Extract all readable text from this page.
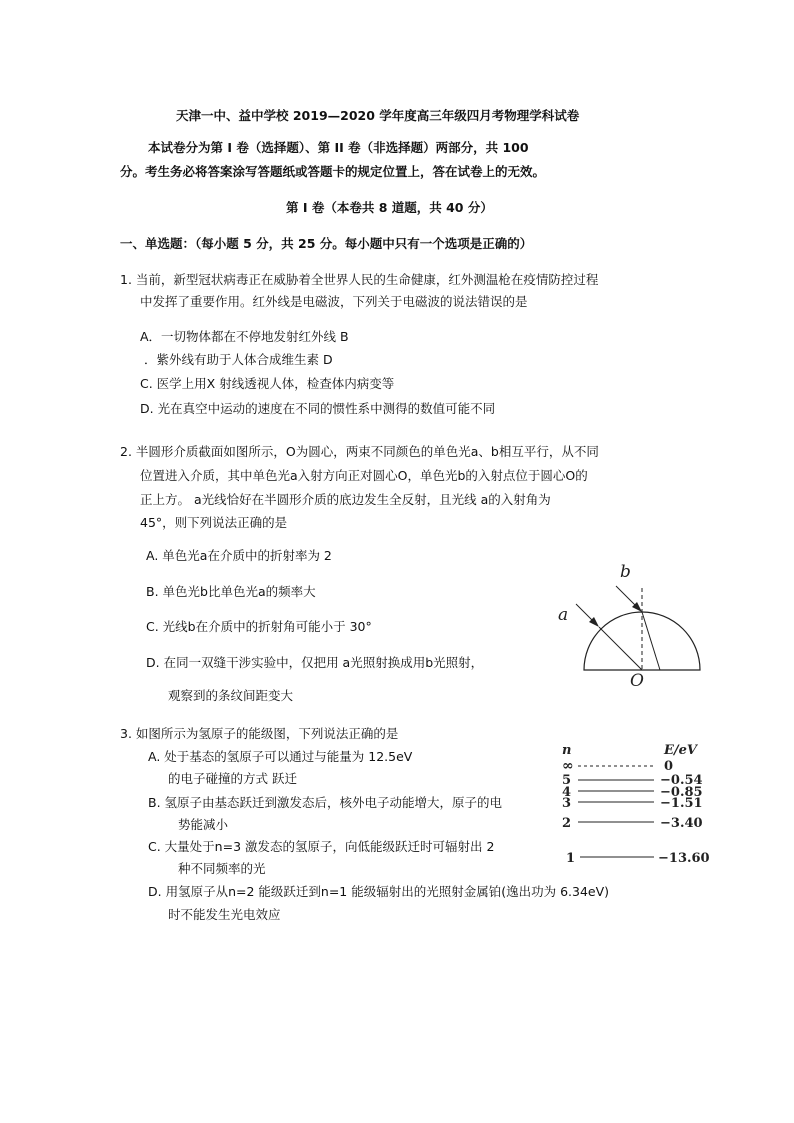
天津一中、益中学校 2019—2020 学年度高三年级四月考物理学科试卷
本试卷分为第 I 卷（选择题）、第 II 卷（非选择题）两部分，共 100
分。考生务必将答案涂写答题纸或答题卡的规定位置上，答在试卷上的无效。
第 I 卷（本卷共 8 道题，共 40 分）
一、单选题：（每小题 5 分，共 25 分。每小题中只有一个选项是正确的）
1. 当前，新型冠状病毒正在威胁着全世界人民的生命健康，红外测温枪在疫情防控过程
中发挥了重要作用。红外线是电磁波，下列关于电磁波的说法错误的是
A．一切物体都在不停地发射红外线 B
．紫外线有助于人体合成维生素 D
C. 医学上用X 射线透视人体，检查体内病变等
D. 光在真空中运动的速度在不同的惯性系中测得的数值可能不同
2. 半圆形介质截面如图所示，O为圆心，两束不同颜色的单色光a、b相互平行，从不同
位置进入介质，其中单色光a入射方向正对圆心O，单色光b的入射点位于圆心O的
正上方。 a光线恰好在半圆形介质的底边发生全反射，且光线 a的入射角为
45°，则下列说法正确的是
A. 单色光a在介质中的折射率为 2
B. 单色光b比单色光a的频率大
C. 光线b在介质中的折射角可能小于 30°
D. 在同一双缝干涉实验中，仅把用 a光照射换成用b光照射，
观察到的条纹间距变大
a
b
O
3. 如图所示为氢原子的能级图，下列说法正确的是
A. 处于基态的氢原子可以通过与能量为 12.5eV
的电子碰撞的方式 跃迁
B. 氢原子由基态跃迁到激发态后，核外电子动能增大，原子的电
势能减小
C. 大量处于n=3 激发态的氢原子，向低能级跃迁时可辐射出 2
种不同频率的光
D. 用氢原子从n=2 能级跃迁到n=1 能级辐射出的光照射金属铂(逸出功为 6.34eV)
时不能发生光电效应
n	E/eV
∞	0
5	−0.54
4	−0.85
3	−1.51
2	−3.40
1	−13.60
